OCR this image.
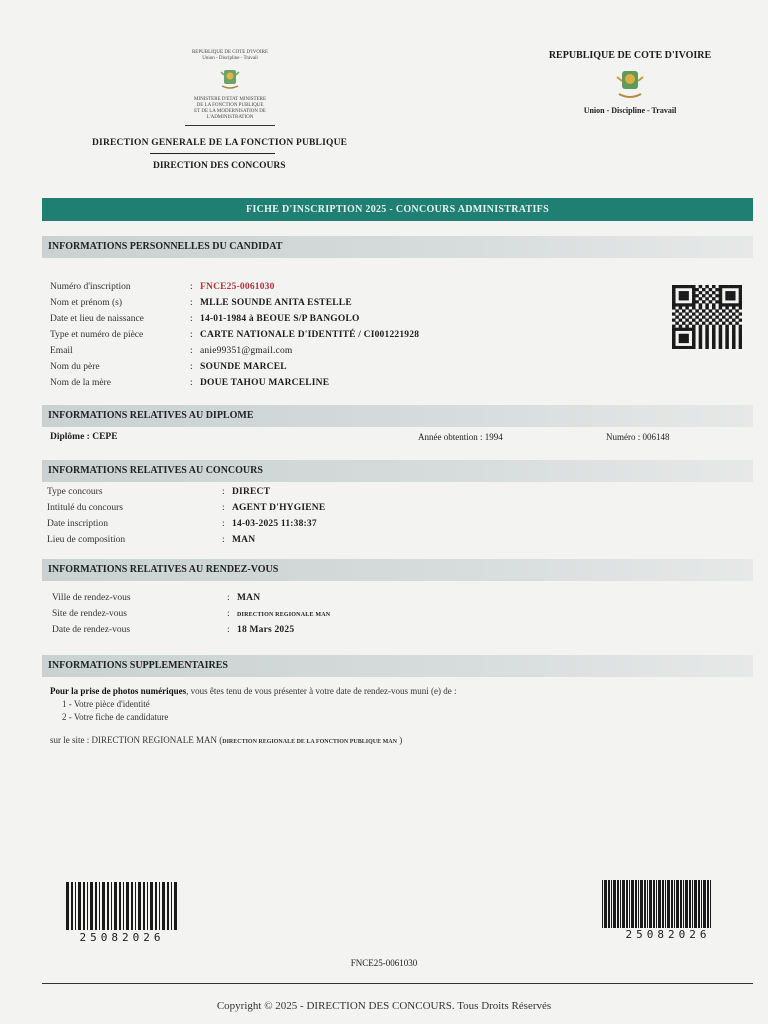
REPUBLIQUE DE COTE D'IVOIRE
Union - Discipline - Travail
MINISTERE D'ETAT MINISTERE
DE LA FONCTION PUBLIQUE
ET DE LA MODERNISATION DE
L'ADMINISTRATION
REPUBLIQUE DE COTE D'IVOIRE
Union - Discipline - Travail
DIRECTION GENERALE DE LA FONCTION PUBLIQUE
DIRECTION DES CONCOURS
FICHE D'INSCRIPTION 2025 - CONCOURS ADMINISTRATIFS
INFORMATIONS PERSONNELLES DU CANDIDAT
Numéro d'inscription	: FNCE25-0061030
Nom et prénom (s)	: MLLE SOUNDE ANITA ESTELLE
Date et lieu de naissance	: 14-01-1984 à BEOUE S/P BANGOLO
Type et numéro de pièce	: CARTE NATIONALE D'IDENTITÉ / CI001221928
Email	: anie99351@gmail.com
Nom du père	: SOUNDE MARCEL
Nom de la mère	: DOUE TAHOU MARCELINE
INFORMATIONS RELATIVES AU DIPLOME
Diplôme : CEPE	Année obtention : 1994	Numéro : 006148
INFORMATIONS RELATIVES AU CONCOURS
Type concours	: DIRECT
Intitulé du concours	: AGENT D'HYGIENE
Date inscription	: 14-03-2025 11:38:37
Lieu de composition	: MAN
INFORMATIONS RELATIVES AU RENDEZ-VOUS
Ville de rendez-vous	: MAN
Site de rendez-vous	: DIRECTION REGIONALE MAN
Date de rendez-vous	: 18 Mars 2025
INFORMATIONS SUPPLEMENTAIRES
Pour la prise de photos numériques, vous êtes tenu de vous présenter à votre date de rendez-vous muni (e) de :
1 - Votre pièce d'identité
2 - Votre fiche de candidature
sur le site : DIRECTION REGIONALE MAN (DIRECTION REGIONALE DE LA FONCTION PUBLIQUE MAN )
25082026	25082026
FNCE25-0061030
Copyright © 2025 - DIRECTION DES CONCOURS. Tous Droits Réservés
